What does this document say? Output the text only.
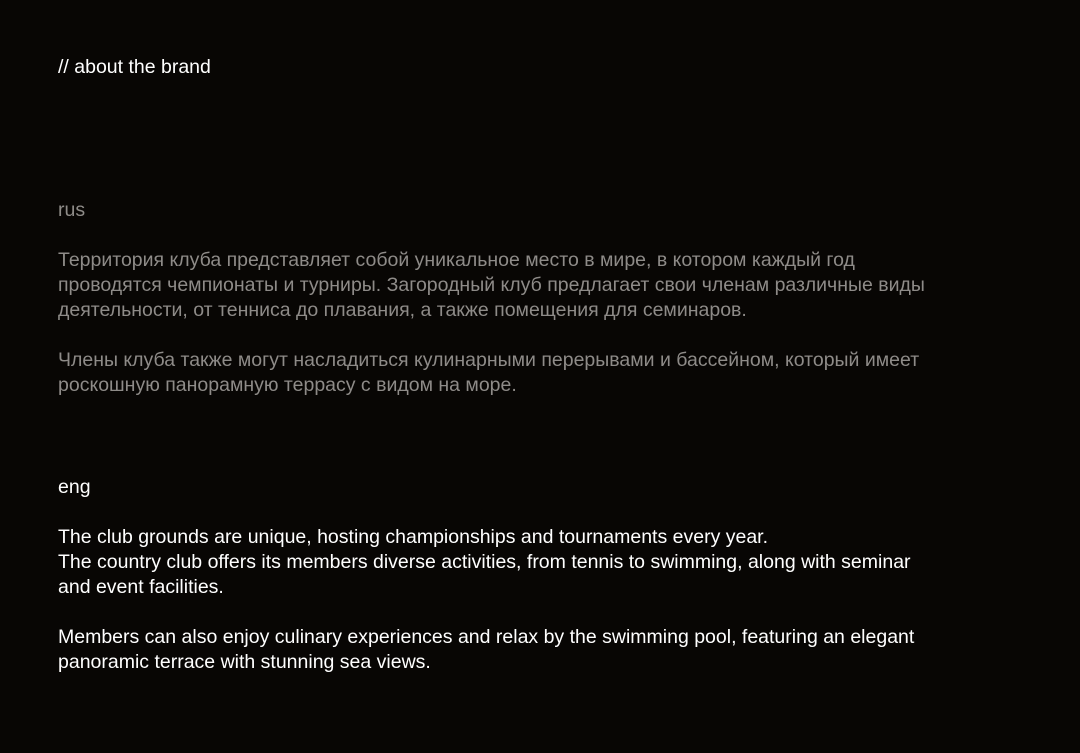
// about the brand

rus

Территория клуба представляет собой уникальное место в мире, в котором каждый год
проводятся чемпионаты и турниры. Загородный клуб предлагает свои членам различные виды
деятельности, от тенниса до плавания, а также помещения для семинаров.

Члены клуба также могут насладиться кулинарными перерывами и бассейном, который имеет
роскошную панорамную террасу с видом на море.

eng

The club grounds are unique, hosting championships and tournaments every year.
The country club offers its members diverse activities, from tennis to swimming, along with seminar
and event facilities.

Members can also enjoy culinary experiences and relax by the swimming pool, featuring an elegant
panoramic terrace with stunning sea views.
